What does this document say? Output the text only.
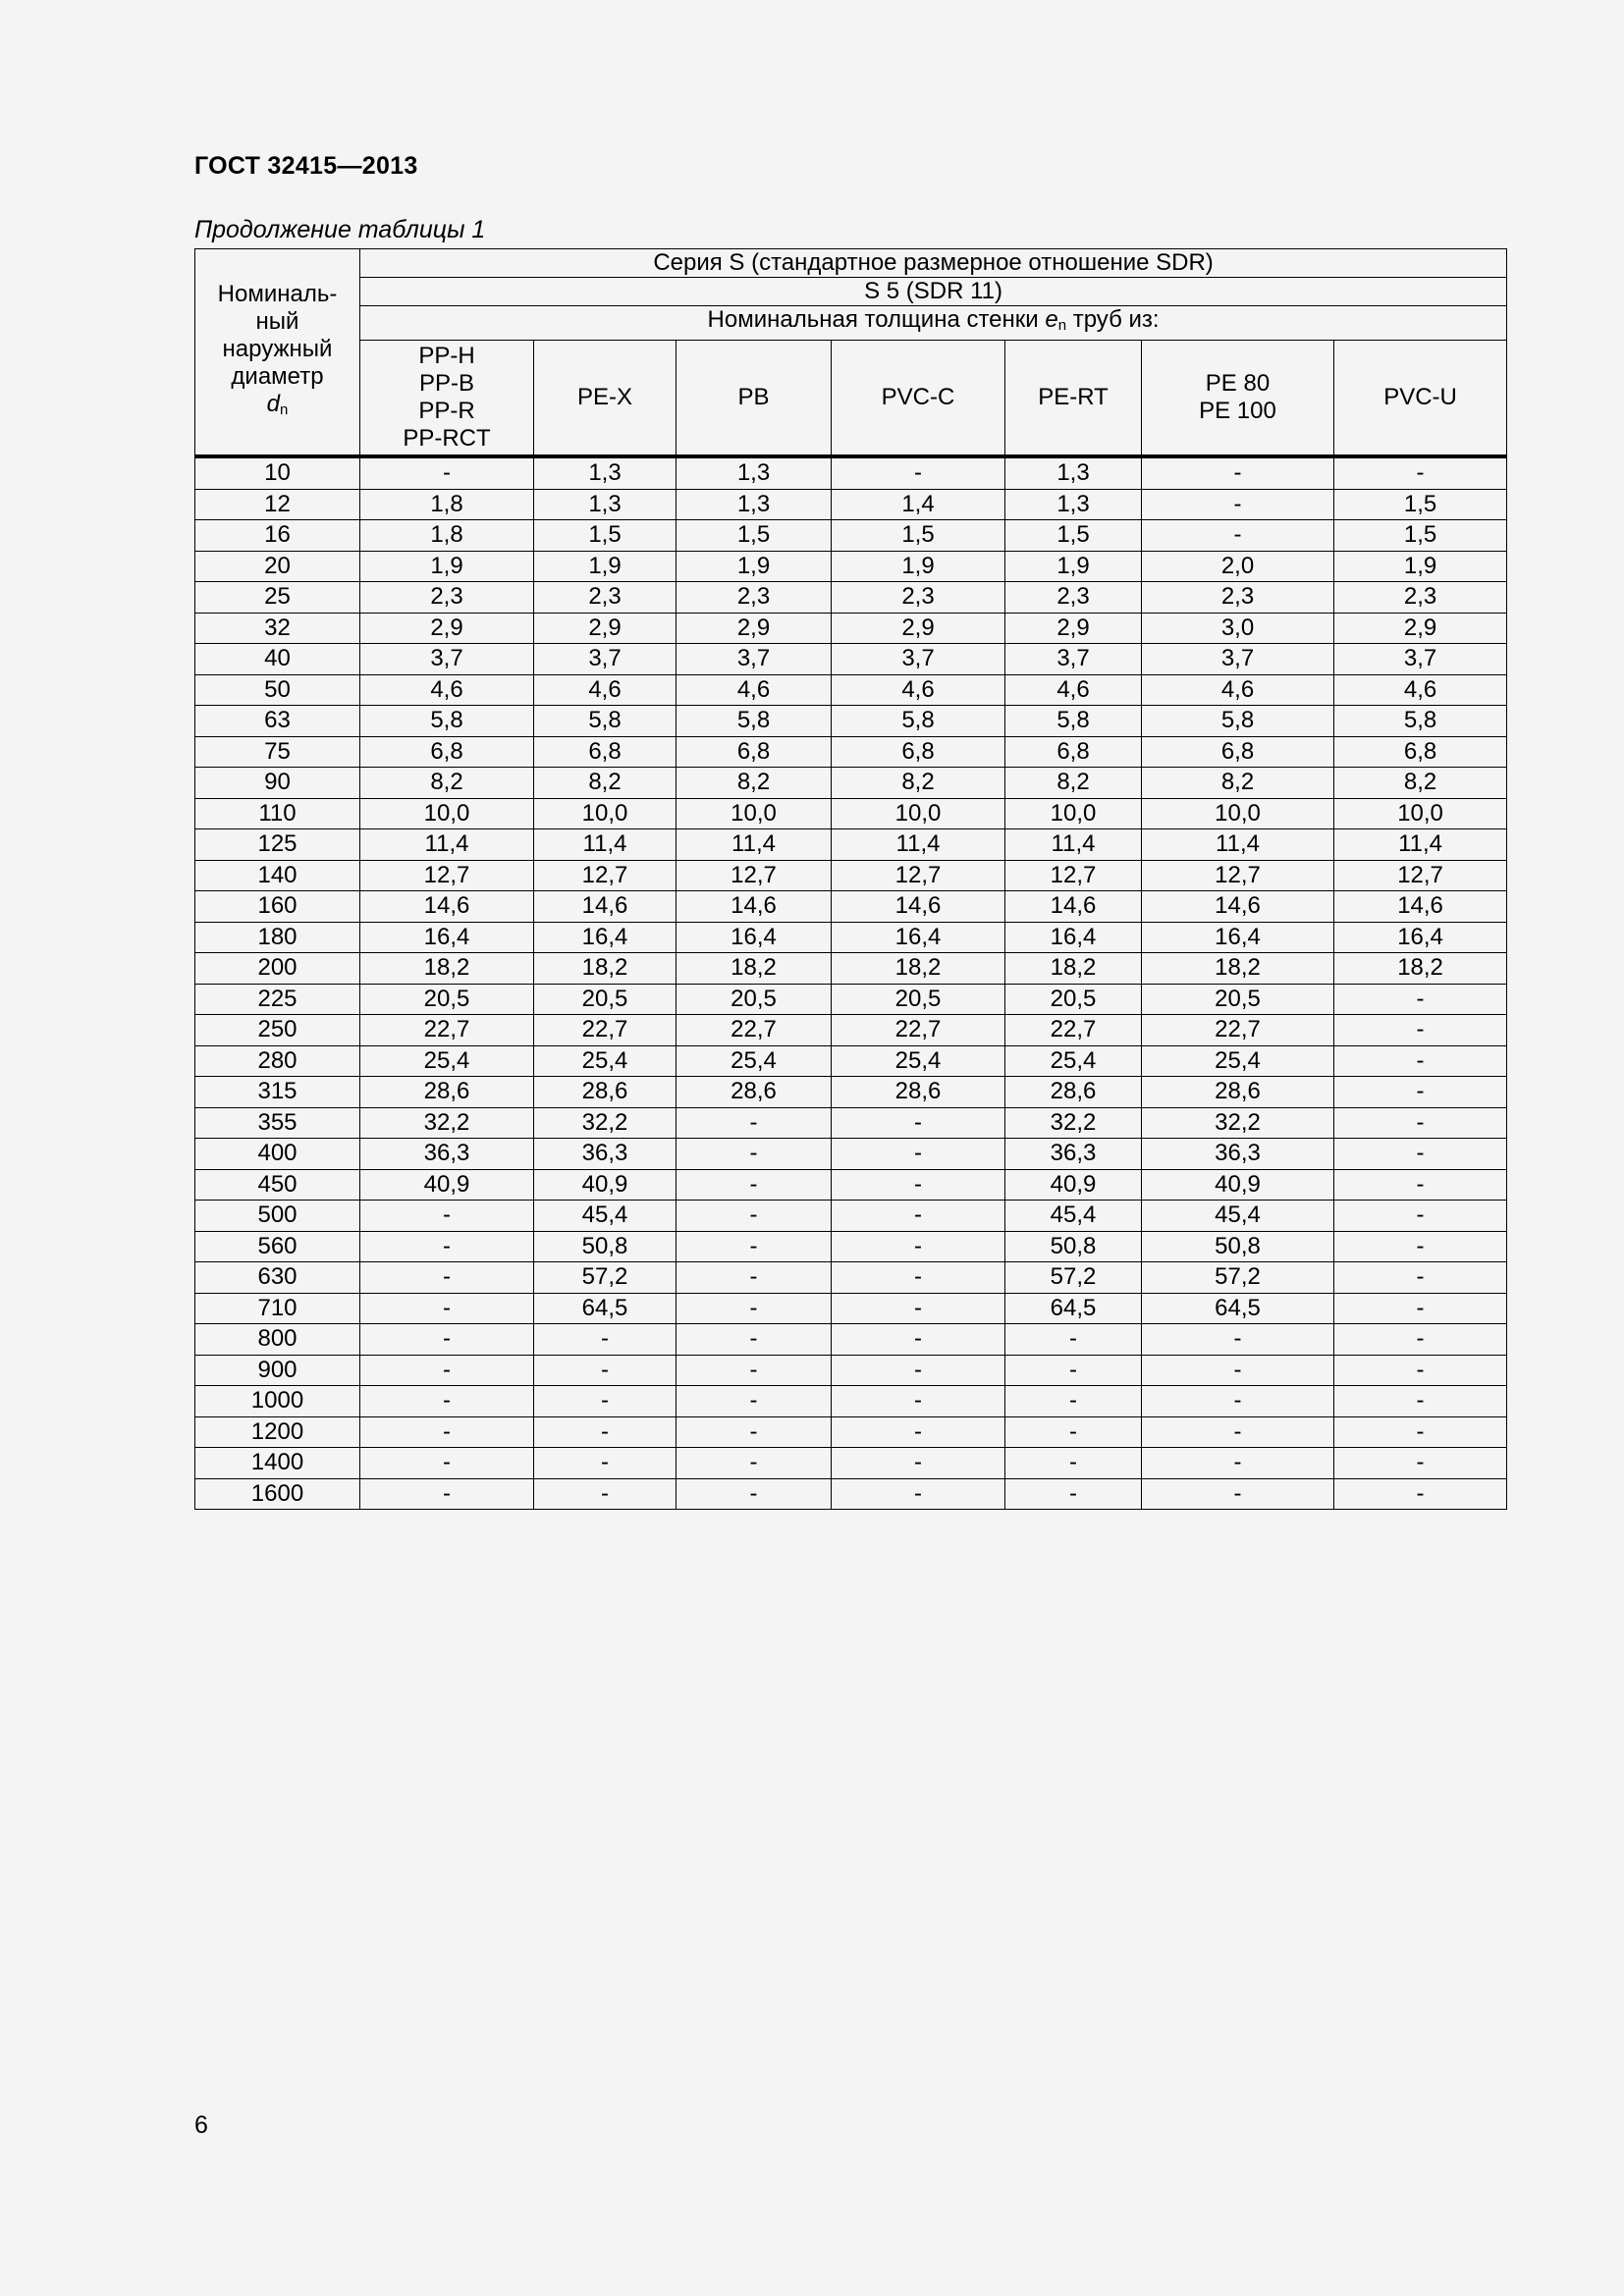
ГОСТ 32415—2013
Продолжение таблицы 1
Номиналь-
ный
наружный
диаметр
$d_n$	Серия S (стандартное размерное отношение SDR)						
	S 5 (SDR 11)						
	Номинальная толщина стенки $e_n$ труб из:						
	PP-H
PP-B
PP-R
PP-RCT	PE-X	PB	PVC-C	PE-RT	PE 80
PE 100	PVC-U
10	-	1,3	1,3	-	1,3	-	-
12	1,8	1,3	1,3	1,4	1,3	-	1,5
16	1,8	1,5	1,5	1,5	1,5	-	1,5
20	1,9	1,9	1,9	1,9	1,9	2,0	1,9
25	2,3	2,3	2,3	2,3	2,3	2,3	2,3
32	2,9	2,9	2,9	2,9	2,9	3,0	2,9
40	3,7	3,7	3,7	3,7	3,7	3,7	3,7
50	4,6	4,6	4,6	4,6	4,6	4,6	4,6
63	5,8	5,8	5,8	5,8	5,8	5,8	5,8
75	6,8	6,8	6,8	6,8	6,8	6,8	6,8
90	8,2	8,2	8,2	8,2	8,2	8,2	8,2
110	10,0	10,0	10,0	10,0	10,0	10,0	10,0
125	11,4	11,4	11,4	11,4	11,4	11,4	11,4
140	12,7	12,7	12,7	12,7	12,7	12,7	12,7
160	14,6	14,6	14,6	14,6	14,6	14,6	14,6
180	16,4	16,4	16,4	16,4	16,4	16,4	16,4
200	18,2	18,2	18,2	18,2	18,2	18,2	18,2
225	20,5	20,5	20,5	20,5	20,5	20,5	-
250	22,7	22,7	22,7	22,7	22,7	22,7	-
280	25,4	25,4	25,4	25,4	25,4	25,4	-
315	28,6	28,6	28,6	28,6	28,6	28,6	-
355	32,2	32,2	-	-	32,2	32,2	-
400	36,3	36,3	-	-	36,3	36,3	-
450	40,9	40,9	-	-	40,9	40,9	-
500	-	45,4	-	-	45,4	45,4	-
560	-	50,8	-	-	50,8	50,8	-
630	-	57,2	-	-	57,2	57,2	-
710	-	64,5	-	-	64,5	64,5	-
800	-	-	-	-	-	-	-
900	-	-	-	-	-	-	-
1000	-	-	-	-	-	-	-
1200	-	-	-	-	-	-	-
1400	-	-	-	-	-	-	-
1600	-	-	-	-	-	-	-
6
